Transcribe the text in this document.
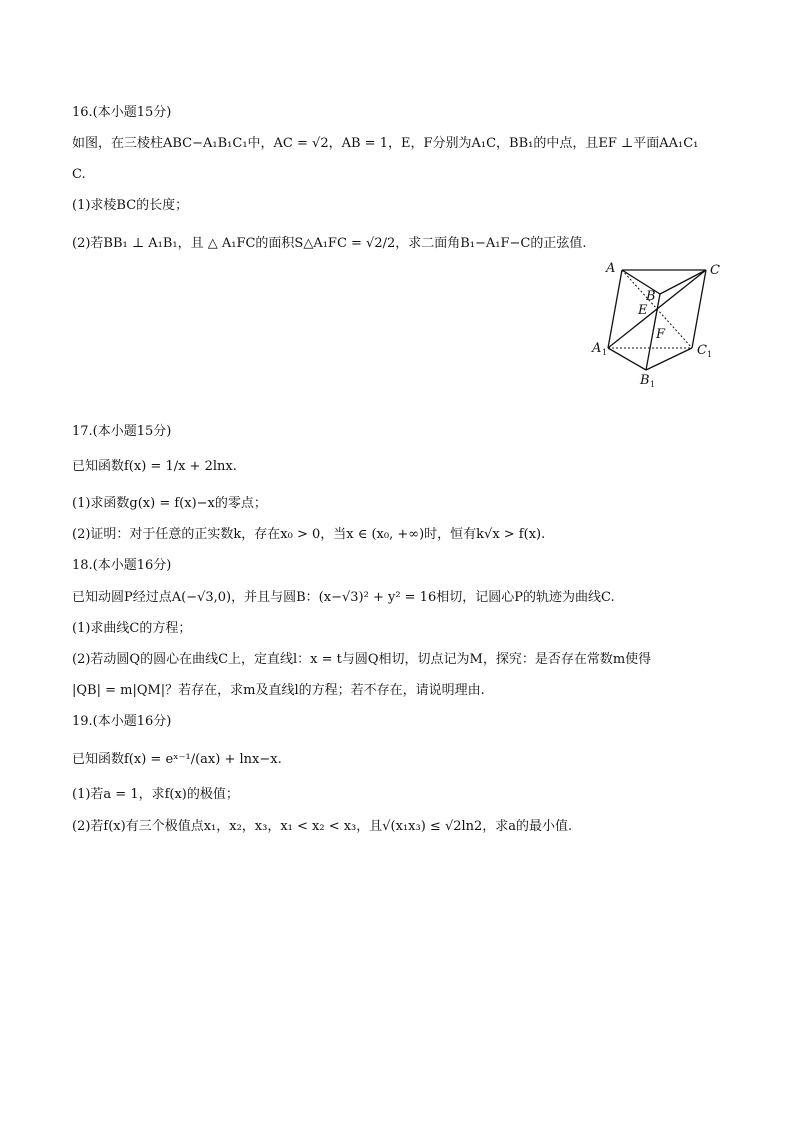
16.(本小题15分)
如图，在三棱柱ABC−A₁B₁C₁中，AC = √2，AB = 1，E，F分别为A₁C，BB₁的中点，且EF ⊥平面AA₁C₁
C.
(1)求棱BC的长度；
(2)若BB₁ ⊥ A₁B₁，且 △ A₁FC的面积S△A₁FC = √2/2，求二面角B₁−A₁F−C的正弦值.
A	C
B
E
F
A	C
B
1	1
1
17.(本小题15分)
已知函数f(x) = 1/x + 2lnx.
(1)求函数g(x) = f(x)−x的零点；
(2)证明：对于任意的正实数k，存在x₀ > 0，当x ∈ (x₀, +∞)时，恒有k√x > f(x).
18.(本小题16分)
已知动圆P经过点A(−√3,0)，并且与圆B：(x−√3)² + y² = 16相切，记圆心P的轨迹为曲线C.
(1)求曲线C的方程；
(2)若动圆Q的圆心在曲线C上，定直线l：x = t与圆Q相切，切点记为M，探究：是否存在常数m使得
|QB| = m|QM|？若存在，求m及直线l的方程；若不存在，请说明理由.
19.(本小题16分)
已知函数f(x) = eˣ⁻¹/(ax) + lnx−x.
(1)若a = 1，求f(x)的极值；
(2)若f(x)有三个极值点x₁，x₂，x₃，x₁ < x₂ < x₃，且√(x₁x₃) ≤ √2ln2，求a的最小值.
